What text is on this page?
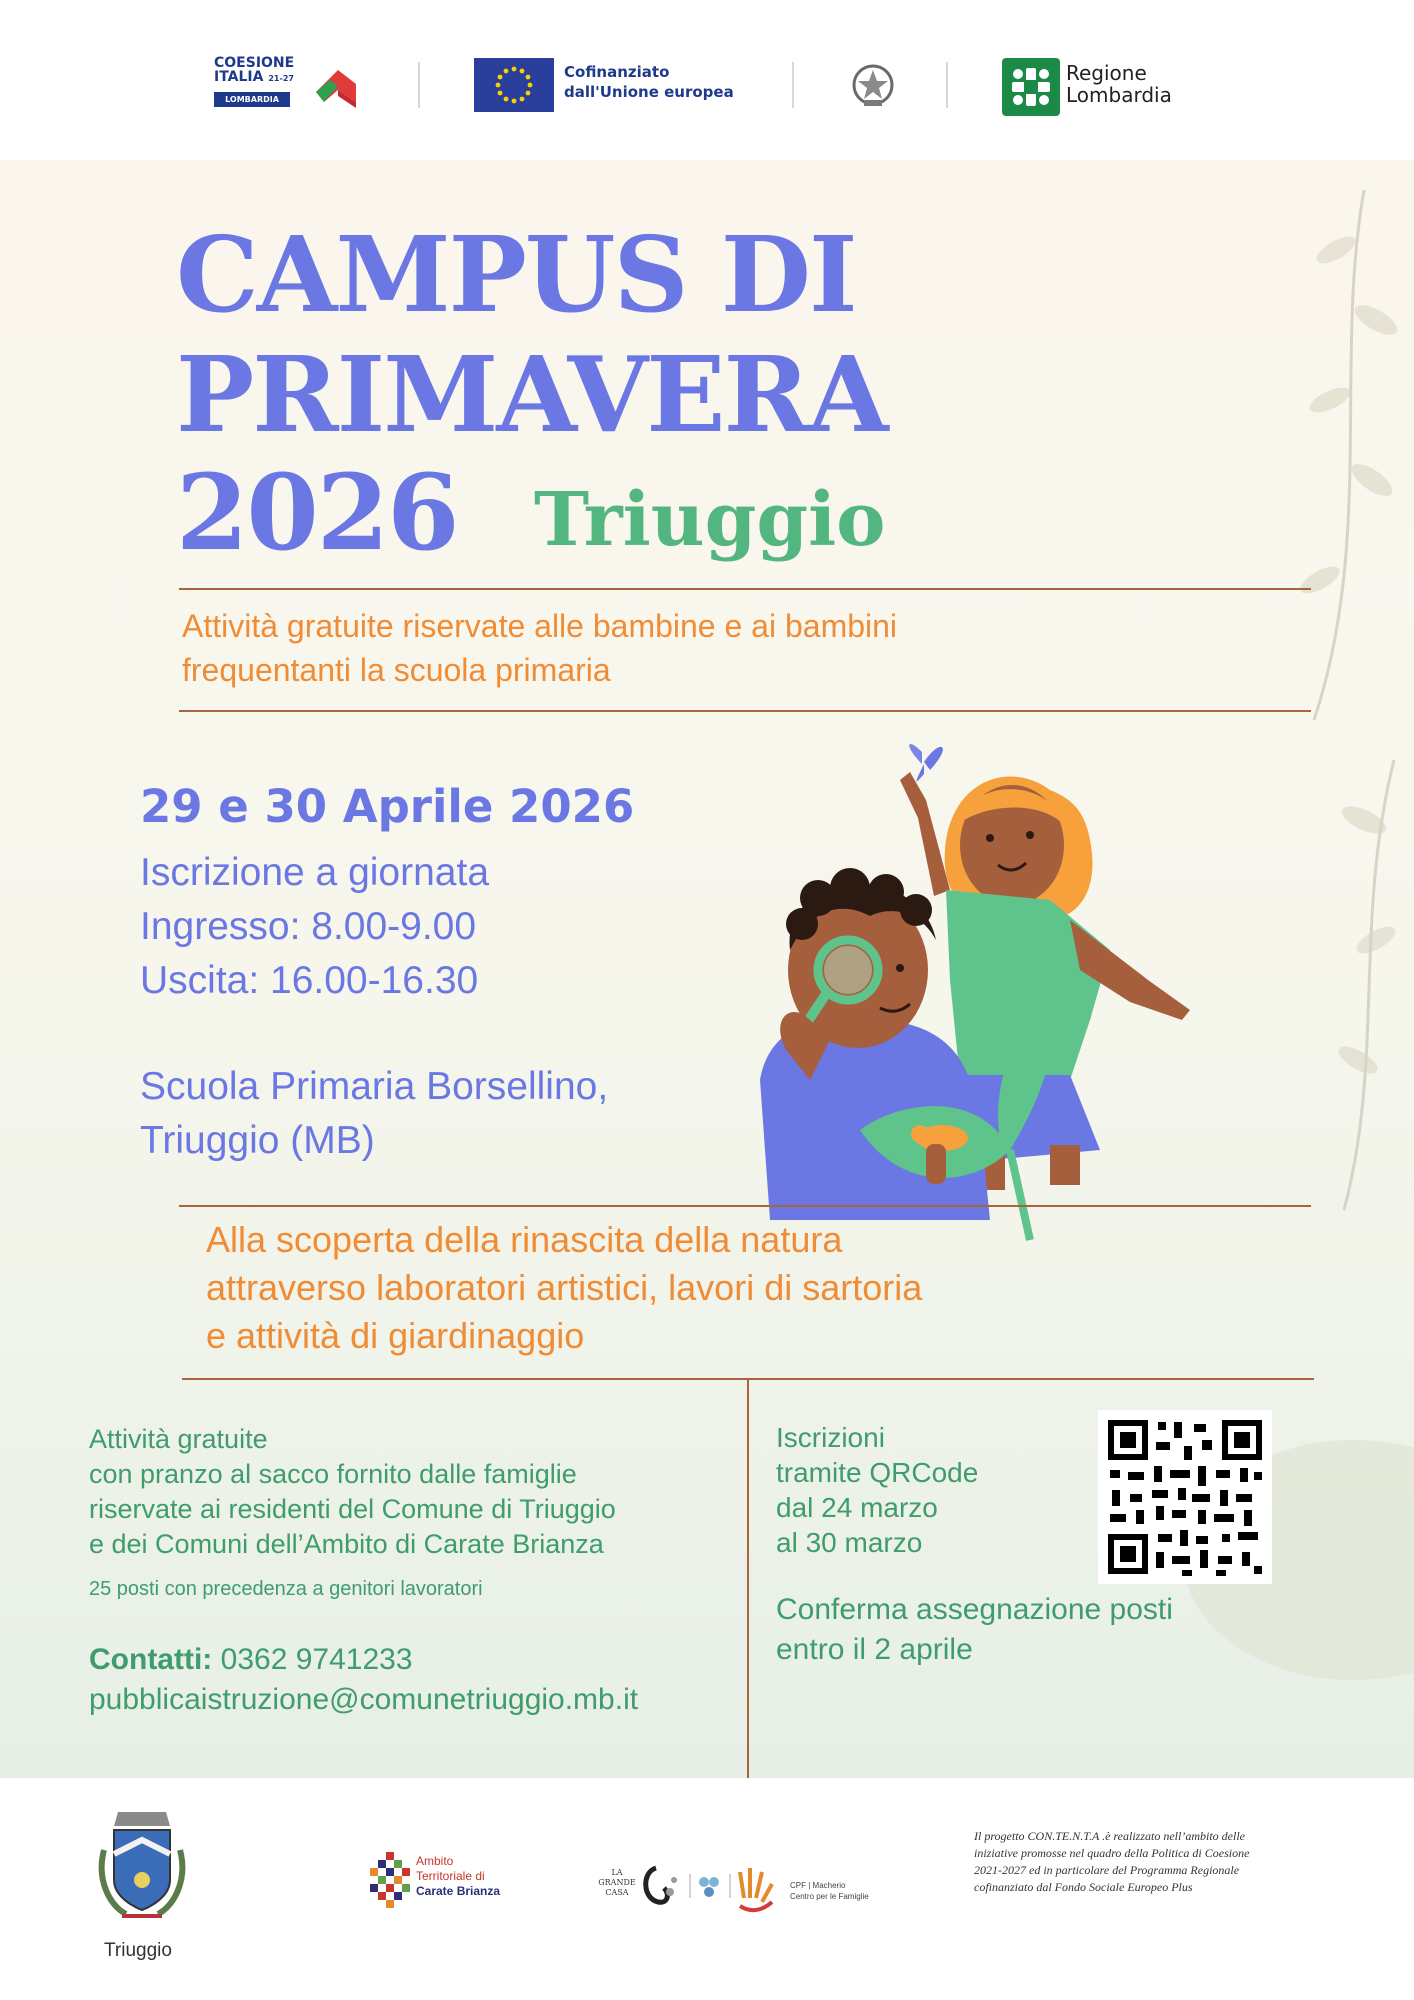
COESIONE
ITALIA 21-27
LOMBARDIA
Cofinanziato
dall'Unione europea
Regione
Lombardia
CAMPUS DI
PRIMAVERA
2026 Triuggio
Attività gratuite riservate alle bambine e ai bambini
frequentanti la scuola primaria
29 e 30 Aprile 2026
Iscrizione a giornata
Ingresso: 8.00-9.00
Uscita: 16.00-16.30
Scuola Primaria Borsellino,
Triuggio (MB)
Alla scoperta della rinascita della natura
attraverso laboratori artistici, lavori di sartoria
e attività di giardinaggio
Attività gratuite
con pranzo al sacco fornito dalle famiglie
riservate ai residenti del Comune di Triuggio
e dei Comuni dell’Ambito di Carate Brianza
25 posti con precedenza a genitori lavoratori
Contatti: 0362 9741233
pubblicaistruzione@comunetriuggio.mb.it
Iscrizioni
tramite QRCode
dal 24 marzo
al 30 marzo
Conferma assegnazione posti
entro il 2 aprile
Triuggio
Ambito
Territoriale di
Carate Brianza
LA
GRANDE
CASA
CPF | Macherio
Centro per le Famiglie
Il progetto CON.TE.N.T.A .è realizzato nell’ambito delle
iniziative promosse nel quadro della Politica di Coesione
2021-2027 ed in particolare del Programma Regionale
cofinanziato dal Fondo Sociale Europeo Plus
